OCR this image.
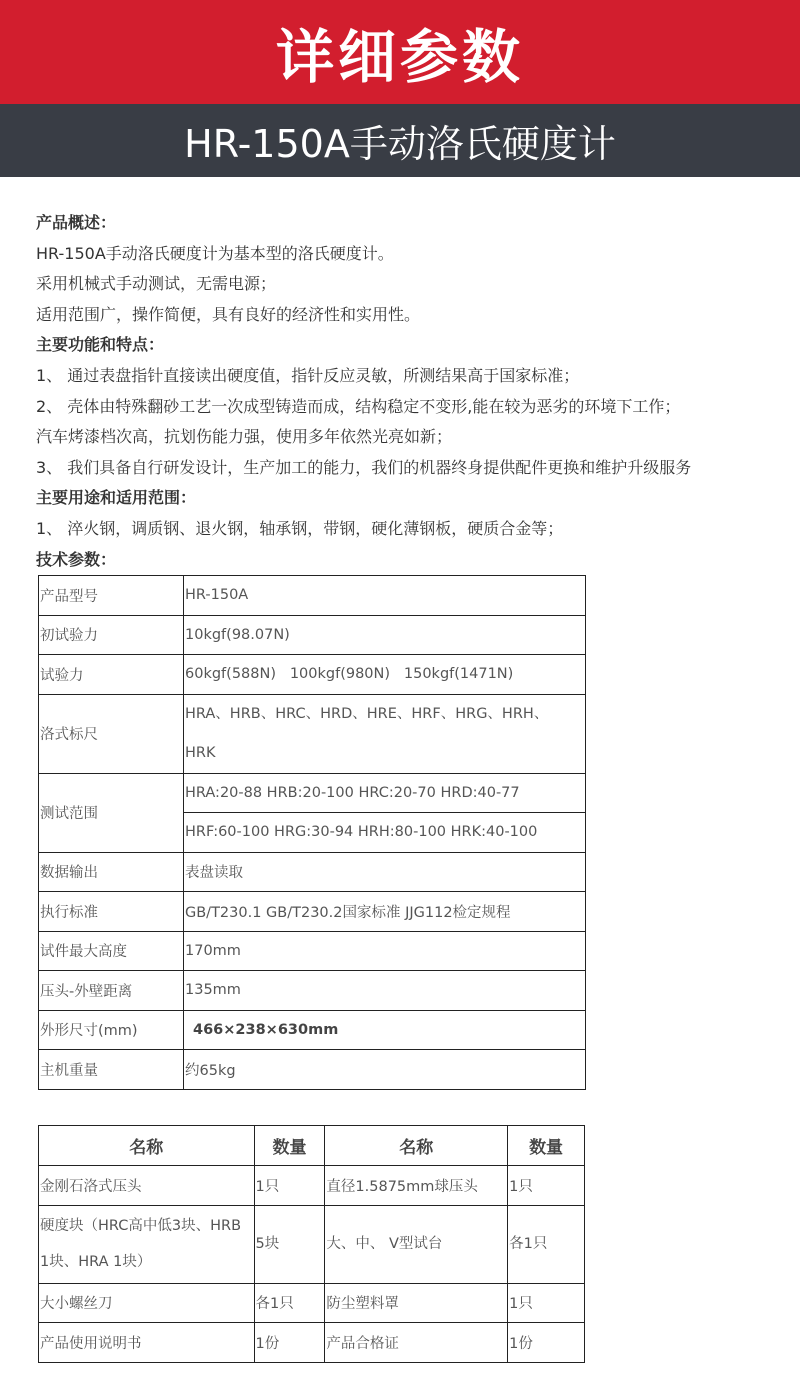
详细参数
HR-150A手动洛氏硬度计

产品概述：

HR-150A手动洛氏硬度计为基本型的洛氏硬度计。

采用机械式手动测试，无需电源；

适用范围广，操作简便，具有良好的经济性和实用性。

主要功能和特点：

1、 通过表盘指针直接读出硬度值，指针反应灵敏，所测结果高于国家标准；

2、 壳体由特殊翻砂工艺一次成型铸造而成，结构稳定不变形,能在较为恶劣的环境下工作；

汽车烤漆档次高，抗划伤能力强，使用多年依然光亮如新；

3、 我们具备自行研发设计，生产加工的能力，我们的机器终身提供配件更换和维护升级服务

主要用途和适用范围：

1、 淬火钢，调质钢、退火钢，轴承钢，带钢，硬化薄钢板，硬质合金等；

技术参数：

产品型号	HR-150A
初试验力	10kgf(98.07N)
试验力	60kgf(588N)   100kgf(980N)   150kgf(1471N)
洛式标尺	HRA、HRB、HRC、HRD、HRE、HRF、HRG、HRH、HRK
测试范围	HRA:20-88 HRB:20-100 HRC:20-70 HRD:40-77
	HRF:60-100 HRG:30-94 HRH:80-100 HRK:40-100
数据输出	表盘读取
执行标准	GB/T230.1 GB/T230.2国家标准 JJG112检定规程
试件最大高度	170mm
压头-外壁距离	135mm
外形尺寸(mm)	466×238×630mm
主机重量	约65kg
名称	数量	名称	数量
金刚石洛式压头	1只	直径1.5875mm球压头	1只
硬度块（HRC高中低3块、HRB 1块、HRA 1块）	5块	大、中、 V型试台	各1只
大小螺丝刀	各1只	防尘塑料罩	1只
产品使用说明书	1份	产品合格证	1份
